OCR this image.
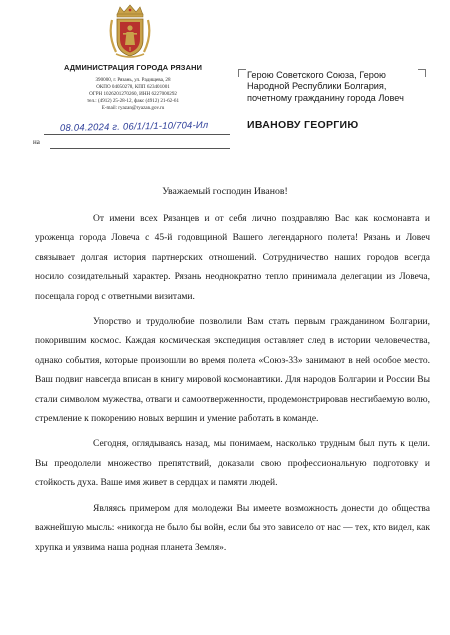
АДМИНИСТРАЦИЯ ГОРОДА РЯЗАНИ
390000, г. Рязань, ул. Радищева, 28
ОКПО 04050278, КПП 623401001
ОГРН 1026201270260, ИНН 6227000292
тел.: (4912) 25-28-12, факс (4912) 21-62-61
E-mail: ryazan@ryazan.gov.ru
08.04.2024 г. 06/1/1/1-10/704-Ил
на
Герою Советского Союза, Герою
Народной Республики Болгария,
почетному гражданину города Ловеч
ИВАНОВУ ГЕОРГИЮ
Уважаемый господин Иванов!

От имени всех Рязанцев и от себя лично поздравляю Вас как космонавта и уроженца города Ловеча с 45-й годовщиной Вашего легендарного полета! Рязань и Ловеч связывает долгая история партнерских отношений. Сотрудничество наших городов всегда носило созидательный характер. Рязань неоднократно тепло принимала делегации из Ловеча, посещала город с ответными визитами.

Упорство и трудолюбие позволили Вам стать первым гражданином Болгарии, покорившим космос. Каждая космическая экспедиция оставляет след в истории человечества, однако события, которые произошли во время полета «Союз-33» занимают в ней особое место. Ваш подвиг навсегда вписан в книгу мировой космонавтики. Для народов Болгарии и России Вы стали символом мужества, отваги и самоотверженности, продемонстрировав несгибаемую волю, стремление к покорению новых вершин и умение работать в команде.

Сегодня, оглядываясь назад, мы понимаем, насколько трудным был путь к цели. Вы преодолели множество препятствий, доказали свою профессиональную подготовку и стойкость духа. Ваше имя живет в сердцах и памяти людей.

Являясь примером для молодежи Вы имеете возможность донести до общества важнейшую мысль: «никогда не было бы войн, если бы это зависело от нас — тех, кто видел, как хрупка и уязвима наша родная планета Земля».
